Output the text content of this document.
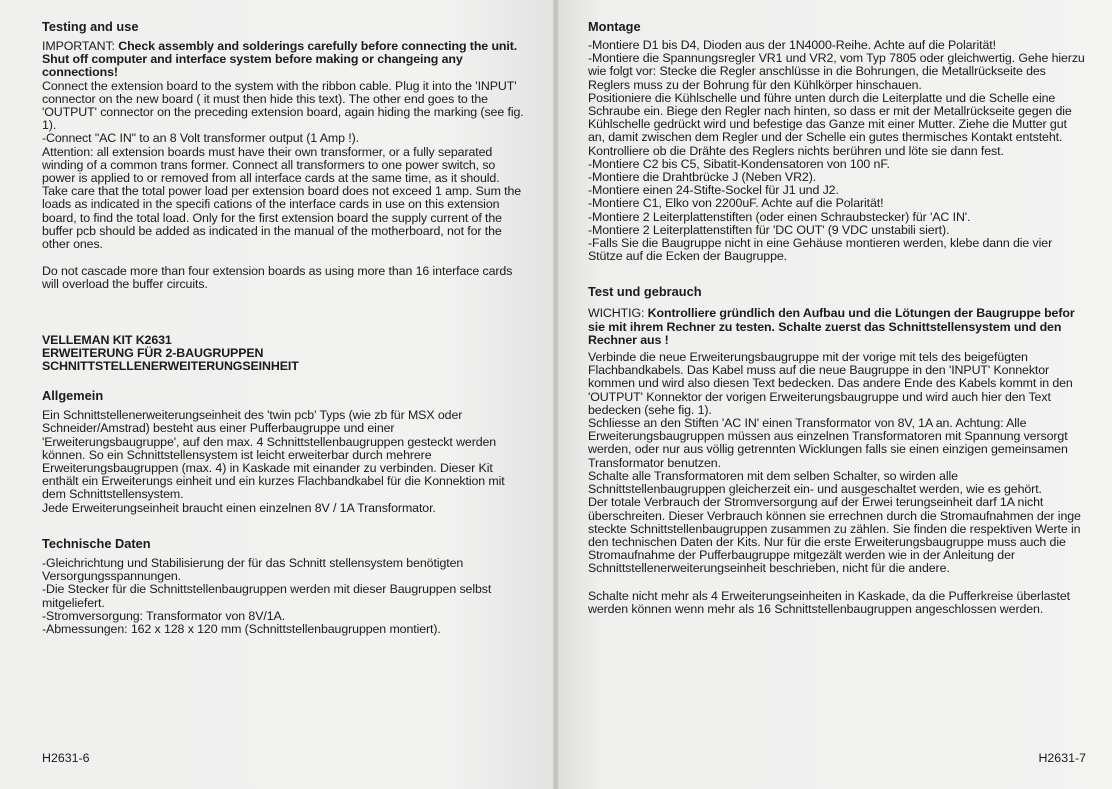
Testing and use

IMPORTANT: Check assembly and solderings carefully before connecting the unit. Shut off computer and interface system before making or changeing any connections!

Connect the extension board to the system with the ribbon cable. Plug it into the 'INPUT' connector on the new board ( it must then hide this text). The other end goes to the 'OUTPUT' connector on the preceding extension board, again hiding the marking (see fig. 1).

-Connect "AC IN" to an 8 Volt transformer output (1 Amp !).

Attention: all extension boards must have their own transformer, or a fully separated winding of a common trans former. Connect all transformers to one power switch, so power is applied to or removed from all interface cards at the same time, as it should.

Take care that the total power load per extension board does not exceed 1 amp. Sum the loads as indicated in the specifi cations of the interface cards in use on this extension board, to find the total load. Only for the first extension board the supply current of the buffer pcb should be added as indicated in the manual of the motherboard, not for the other ones.

Do not cascade more than four extension boards as using more than 16 interface cards will overload the buffer circuits.

VELLEMAN KIT K2631

ERWEITERUNG FÜR 2-BAUGRUPPEN

SCHNITTSTELLENERWEITERUNGSEINHEIT

Allgemein

Ein Schnittstellenerweiterungseinheit des 'twin pcb' Typs (wie zb für MSX oder Schneider/Amstrad) besteht aus einer Pufferbaugruppe und einer 'Erweiterungsbaugruppe', auf den max. 4 Schnittstellenbaugruppen gesteckt werden können. So ein Schnittstellensystem ist leicht erweiterbar durch mehrere Erweiterungsbaugruppen (max. 4) in Kaskade mit einander zu verbinden. Dieser Kit enthält ein Erweiterungs einheit und ein kurzes Flachbandkabel für die Konnektion mit dem Schnittstellensystem.

Jede Erweiterungseinheit braucht einen einzelnen 8V / 1A Transformator.

Technische Daten

-Gleichrichtung und Stabilisierung der für das Schnitt stellensystem benötigten Versorgungsspannungen.

-Die Stecker für die Schnittstellenbaugruppen werden mit dieser Baugruppen selbst mitgeliefert.

-Stromversorgung: Transformator von 8V/1A.

-Abmessungen: 162 x 128 x 120 mm (Schnittstellenbaugruppen montiert).

H2631-6
Montage

-Montiere D1 bis D4, Dioden aus der 1N4000-Reihe. Achte auf die Polarität!

-Montiere die Spannungsregler VR1 und VR2, vom Typ 7805 oder gleichwertig. Gehe hierzu wie folgt vor: Stecke die Regler anschlüsse in die Bohrungen, die Metallrückseite des Reglers muss zu der Bohrung für den Kühlkörper hinschauen.

Positioniere die Kühlschelle und führe unten durch die Leiterplatte und die Schelle eine Schraube ein. Biege den Regler nach hinten, so dass er mit der Metallrückseite gegen die Kühlschelle gedrückt wird und befestige das Ganze mit einer Mutter. Ziehe die Mutter gut an, damit zwischen dem Regler und der Schelle ein gutes thermisches Kontakt entsteht. Kontrolliere ob die Drähte des Reglers nichts berühren und löte sie dann fest.

-Montiere C2 bis C5, Sibatit-Kondensatoren von 100 nF.

-Montiere die Drahtbrücke J (Neben VR2).

-Montiere einen 24-Stifte-Sockel für J1 und J2.

-Montiere C1, Elko von 2200uF. Achte auf die Polarität!

-Montiere 2 Leiterplattenstiften (oder einen Schraubstecker) für 'AC IN'.

-Montiere 2 Leiterplattenstiften für 'DC OUT' (9 VDC unstabili siert).

-Falls Sie die Baugruppe nicht in eine Gehäuse montieren werden, klebe dann die vier Stütze auf die Ecken der Baugruppe.

Test und gebrauch

WICHTIG: Kontrolliere gründlich den Aufbau und die Lötungen der Baugruppe befor sie mit ihrem Rechner zu testen. Schalte zuerst das Schnittstellensystem und den Rechner aus !

Verbinde die neue Erweiterungsbaugruppe mit der vorige mit tels des beigefügten Flachbandkabels. Das Kabel muss auf die neue Baugruppe in den 'INPUT' Konnektor kommen und wird also diesen Text bedecken. Das andere Ende des Kabels kommt in den 'OUTPUT' Konnektor der vorigen Erweiterungsbaugruppe und wird auch hier den Text bedecken (sehe fig. 1).

Schliesse an den Stiften 'AC IN' einen Transformator von 8V, 1A an. Achtung: Alle Erweiterungsbaugruppen müssen aus einzelnen Transformatoren mit Spannung versorgt werden, oder nur aus völlig getrennten Wicklungen falls sie einen einzigen gemeinsamen Transformator benutzen.

Schalte alle Transformatoren mit dem selben Schalter, so wirden alle Schnittstellenbaugruppen gleicherzeit ein- und ausgeschaltet werden, wie es gehört.

Der totale Verbrauch der Stromversorgung auf der Erwei terungseinheit darf 1A nicht überschreiten. Dieser Verbrauch können sie errechnen durch die Stromaufnahmen der inge steckte Schnittstellenbaugruppen zusammen zu zählen. Sie finden die respektiven Werte in den technischen Daten der Kits. Nur für die erste Erweiterungsbaugruppe muss auch die Stromaufnahme der Pufferbaugruppe mitgezält werden wie in der Anleitung der Schnittstellenerweiterungseinheit beschrieben, nicht für die andere.

Schalte nicht mehr als 4 Erweiterungseinheiten in Kaskade, da die Pufferkreise überlastet werden können wenn mehr als 16 Schnittstellenbaugruppen angeschlossen werden.

H2631-7
